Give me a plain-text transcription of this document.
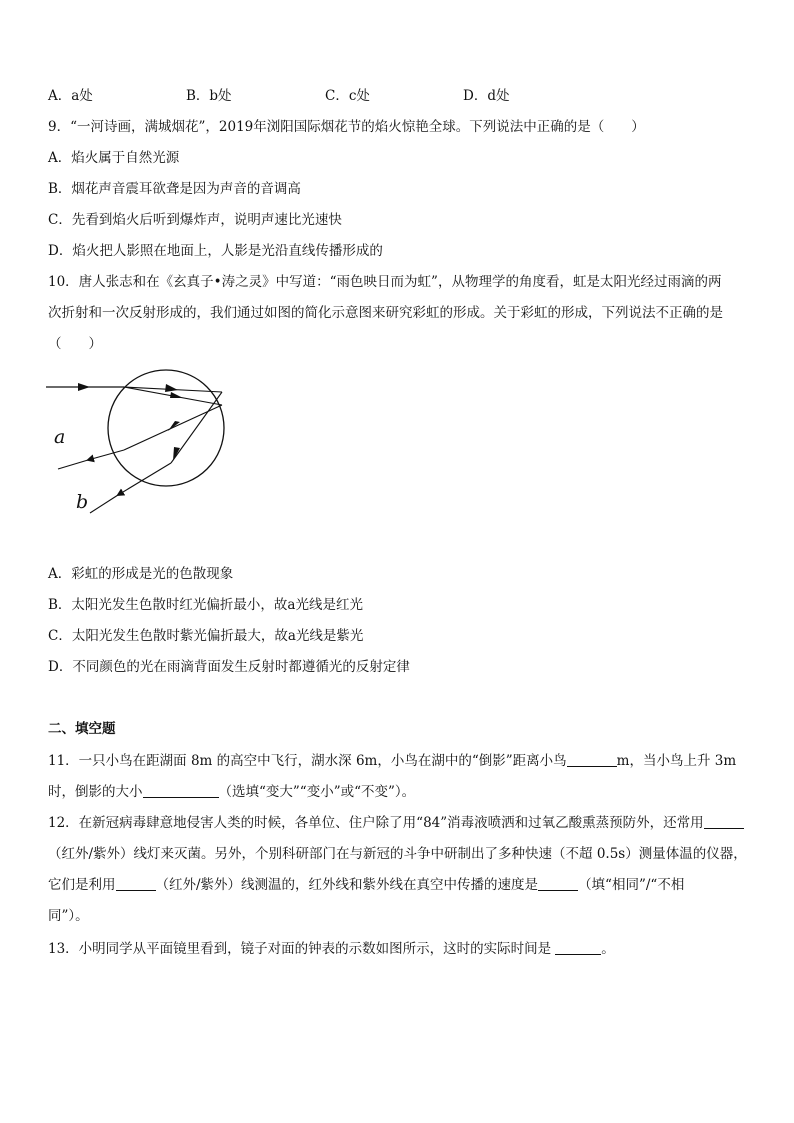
A．a处	B．b处	C．c处	D．d处
9．“一河诗画，满城烟花”，2019年浏阳国际烟花节的焰火惊艳全球。下列说法中正确的是（　　）
A．焰火属于自然光源
B．烟花声音震耳欲聋是因为声音的音调高
C．先看到焰火后听到爆炸声，说明声速比光速快
D．焰火把人影照在地面上，人影是光沿直线传播形成的
10．唐人张志和在《玄真子•涛之灵》中写道：“雨色映日而为虹”，从物理学的角度看，虹是太阳光经过雨滴的两
次折射和一次反射形成的，我们通过如图的简化示意图来研究彩虹的形成。关于彩虹的形成，下列说法不正确的是
（　　）
a
b
A．彩虹的形成是光的色散现象
B．太阳光发生色散时红光偏折最小，故a光线是红光
C．太阳光发生色散时紫光偏折最大，故a光线是紫光
D．不同颜色的光在雨滴背面发生反射时都遵循光的反射定律
二、填空题
11．一只小鸟在距湖面 8m 的高空中飞行，湖水深 6m，小鸟在湖中的“倒影”距离小鸟	m，当小鸟上升 3m
时，倒影的大小	（选填“变大”“变小”或“不变”）。
12．在新冠病毒肆意地侵害人类的时候，各单位、住户除了用“84”消毒液喷洒和过氧乙酸熏蒸预防外，还常用
（红外/紫外）线灯来灭菌。另外，个别科研部门在与新冠的斗争中研制出了多种快速（不超 0.5s）测量体温的仪器，
它们是利用	（红外/紫外）线测温的，红外线和紫外线在真空中传播的速度是	（填“相同”/“不相
同”）。
13．小明同学从平面镜里看到，镜子对面的钟表的示数如图所示，这时的实际时间是	。
